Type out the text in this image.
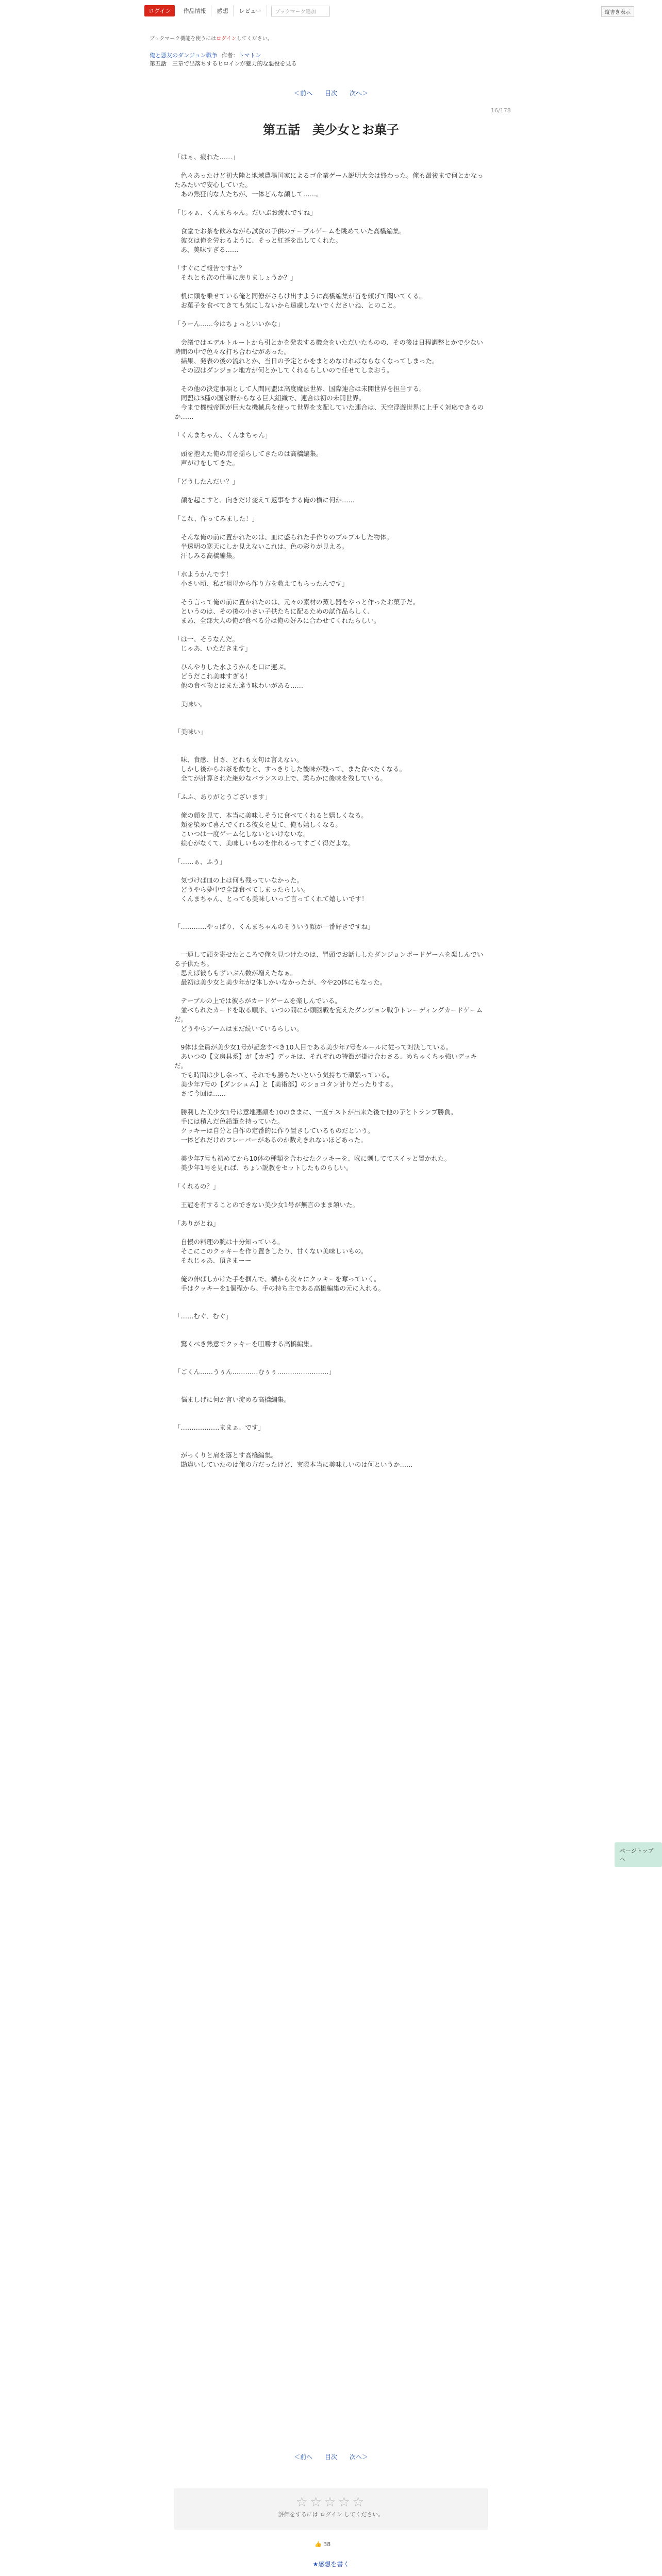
ログイン	作品情報	感想	レビュー	ブックマーク追加	縦書き表示
ブックマーク機能を使うにはログインしてください。
俺と悪友のダンジョン戦争 作者：トマトン
第五話　三章で出落ちするヒロインが魅力的な悪役を見る
＜前へ 目次 次へ＞
16/178
第五話　美少女とお菓子

「はぁ、疲れた……」

　色々あったけど初大陸と地域農場国家によるゴ企業ゲーム説明大会は終わった。俺も最後まで何とかなったみたいで安心していた。
　あの熱狂的な人たちが、一体どんな顔して……。

「じゃぁ、くんまちゃん。だいぶお疲れですね」

　食堂でお茶を飲みながら試食の子供のテーブルゲームを眺めていた高橋編集。
　彼女は俺を労わるように、そっと紅茶を出してくれた。
　あ、美味すぎる……

「すぐにご報告ですか？
　それとも次の仕事に戻りましょうか？」

　机に頭を乗せている俺と同僚がさらけ出すように高橋編集が首を傾げて聞いてくる。
　お菓子を食べてきても気にしないから遠慮しないでくださいね、とのこと。

「うーん……今はちょっといいかな」

　会議ではエデルトルートから引とかを発表する機会をいただいたものの、その後は日程調整とかで少ない時間の中で色々な打ち合わせがあった。
　結果、発表の後の流れとか、当日の予定とかをまとめなければならなくなってしまった。
　その辺はダンジョン地方が何とかしてくれるらしいので任せてしまおう。

　その他の決定事項として人間同盟は高度魔法世界、国際連合は未開世界を担当する。
　同盟は3種の国家群からなる巨大組織で、連合は初の未開世界。
　今まで機械帝国が巨大な機械兵を使って世界を支配していた連合は、天空浮遊世界に上手く対応できるのか……

「くんまちゃん、くんまちゃん」

　頭を抱えた俺の肩を揺らしてきたのは高橋編集。
　声がけをしてきた。

「どうしたんだい？」

　顔を起こすと、向きだけ変えて返事をする俺の横に何か……

「これ、作ってみました！」

　そんな俺の前に置かれたのは、皿に盛られた手作りのブルブルした物体。
　半透明の寒天にしか見えないこれは、色の彩りが見える。
　汗しみる高橋編集。

「水ようかんです！
　小さい頃、私が祖母から作り方を教えてもらったんです」

　そう言って俺の前に置かれたのは、元々の素材の蒸し器をやっと作ったお菓子だ。
　というのは、その後の小さい子供たちに配るための試作品らしく、
　まあ、全部大人の俺が食べる分は俺の好みに合わせてくれたらしい。

「は一、そうなんだ。
　じゃあ、いただきます」

　ひんやりした水ようかんを口に運ぶ。
　どうだこれ美味すぎる！
　他の食べ物とはまた違う味わいがある……

　美味い。

「美味い」

　味、食感、甘さ、どれも文句は言えない。
　しかし後からお茶を飲むと、すっきりした後味が残って、また食べたくなる。
　全てが計算された絶妙なバランスの上で、柔らかに後味を残している。

「ふふ、ありがとうございます」

　俺の顔を見て、本当に美味しそうに食べてくれると嬉しくなる。
　頬を染めて喜んでくれる彼女を見て、俺も嬉しくなる。
　こいつは一度ゲーム化しないといけないな。
　絵心がなくて、美味しいものを作れるってすごく得だよな。

「……ぁ、ふう」

　気づけば皿の上は何も残っていなかった。
　どうやら夢中で全部食べてしまったらしい。
　くんまちゃん、とっても美味しいって言ってくれて嬉しいです！

「…………やっぱり、くんまちゃんのそういう顔が一番好きですね」

　一連して頭を寄せたところで俺を見つけたのは、冒頭でお話ししたダンジョンボードゲームを楽しんでいる子供たち。
　思えば彼らもずいぶん数が増えたなぁ。
　最初は美少女と美少年が2体しかいなかったが、今や20体にもなった。

　テーブルの上では彼らがカードゲームを楽しんでいる。
　並べられたカードを取る順序、いつの間にか頭脳戦を覚えたダンジョン戦争トレーディングカードゲームだ。
　どうやらブームはまだ続いているらしい。

　9体は全員が美少女1号が記念すべき10人目である美少年7号をルールに従って対決している。
　あいつの【文房具系】が【カギ】デッキは、それぞれの特徴が掛け合わさる、めちゃくちゃ強いデッキだ。
　でも時間は少し余って、それでも勝ちたいという気持ちで頑張っている。
　美少年7号の【ダンシュム】と【美術部】のショコタン計りだったりする。
　さて今回は……

　勝利した美少女1号は意地悪顔を10のままに、一度テストが出来た後で他の子とトランプ勝負。
　手には積んだ色鉛筆を持っていた。
　クッキーは自分と自作の定番的に作り置きしているものだという。
　一体どれだけのフレーバーがあるのか数えきれないほどあった。

　美少年7号も初めてから10体の種類を合わせたクッキーを、喉に刺しててスイッと置かれた。
　美少年1号を見れば、ちょい説教をセットしたものらしい。

「くれるの？」

　王冠を有することのできない美少女1号が無言のまま頷いた。

「ありがとね」

　自慢の料理の腕は十分知っている。
　そこにこのクッキーを作り置きしたり、甘くない美味しいもの。
　それじゃあ、頂きまーー

　俺の伸ばしかけた手を掴んで、横から次々にクッキーを奪っていく。
　手はクッキーを1個程から、手の持ち主である高橋編集の元に入れる。

「……むぐ、むぐ」

　驚くべき熱意でクッキーを咀嚼する高橋編集。

「ごくん……うぅん…………むぅぅ……………………」

　悩ましげに何か言い淀める高橋編集。

「………………ままぁ、です」

　がっくりと肩を落とす高橋編集。
　勘違いしていたのは俺の方だったけど、実際本当に美味しいのは何というか……

ページトップへ
＜前へ 目次 次へ＞
☆☆☆☆☆
評価をするには ログイン してください。
👍 38
★感想を書く
